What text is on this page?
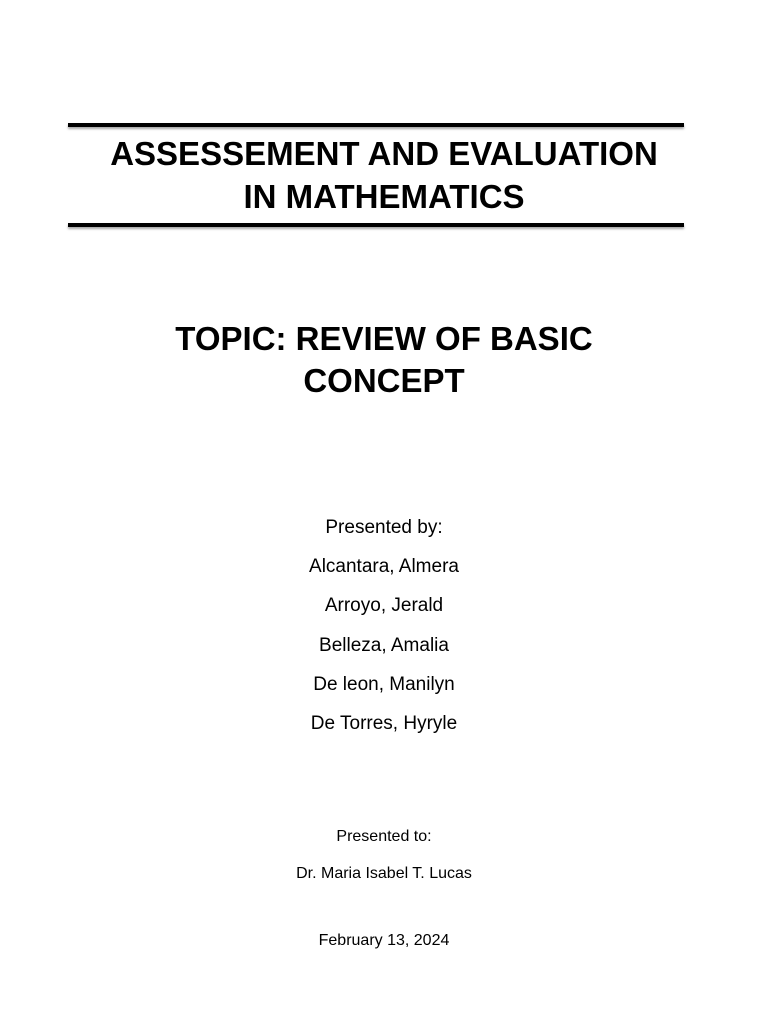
ASSESSEMENT AND EVALUATION
IN MATHEMATICS
TOPIC: REVIEW OF BASIC
CONCEPT
Presented by:
Alcantara, Almera
Arroyo, Jerald
Belleza, Amalia
De leon, Manilyn
De Torres, Hyryle
Presented to:
Dr. Maria Isabel T. Lucas
February 13, 2024
